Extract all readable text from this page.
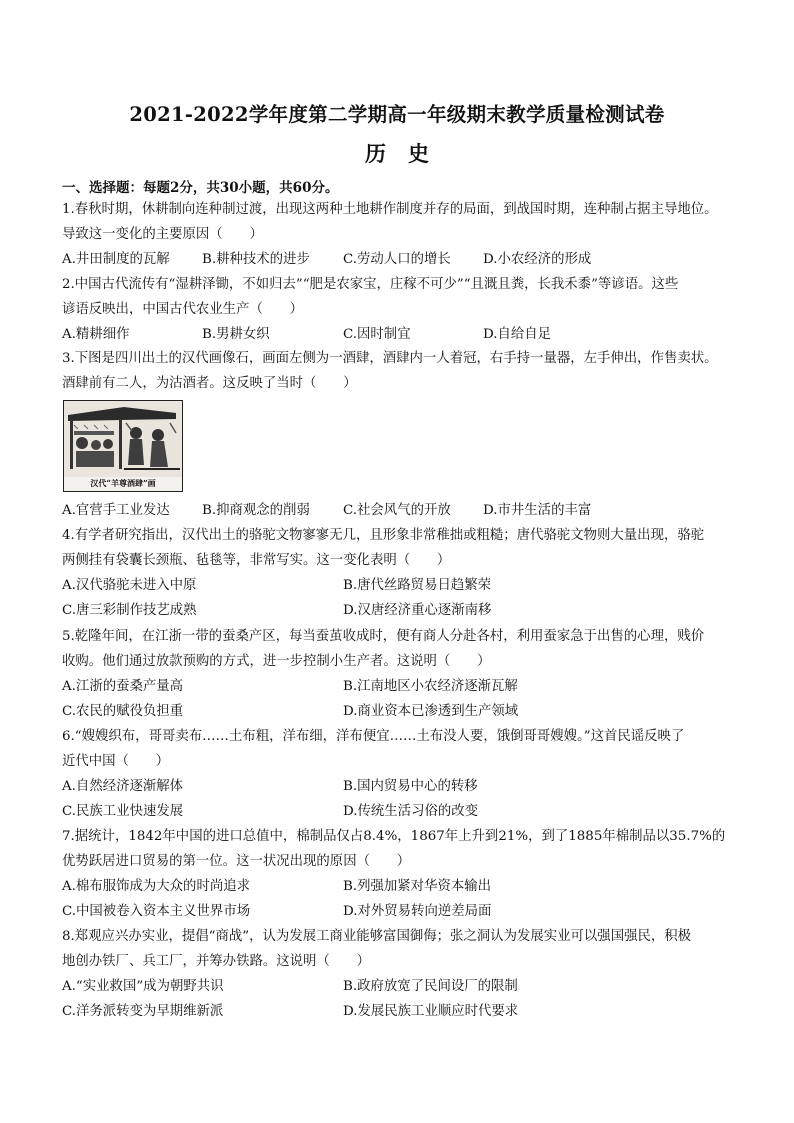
2021-2022学年度第二学期高一年级期末教学质量检测试卷
历史
一、选择题：每题2分，共30小题，共60分。
1.春秋时期，休耕制向连种制过渡，出现这两种土地耕作制度并存的局面，到战国时期，连种制占据主导地位。
导致这一变化的主要原因（　　）
A.井田制度的瓦解 B.耕种技术的进步 C.劳动人口的增长 D.小农经济的形成
2.中国古代流传有“湿耕泽锄，不如归去”“肥是农家宝，庄稼不可少”“且溉且粪，长我禾黍”等谚语。这些
谚语反映出，中国古代农业生产（　　）
A.精耕细作	B.男耕女织	C.因时制宜	D.自给自足
3.下图是四川出土的汉代画像石，画面左侧为一酒肆，酒肆内一人着冠，右手持一量器，左手伸出，作售卖状。
酒肆前有二人，为沽酒者。这反映了当时（　　）
汉代“羊尊酒肆”画
A.官营手工业发达 B.抑商观念的削弱 C.社会风气的开放 D.市井生活的丰富
4.有学者研究指出，汉代出土的骆驼文物寥寥无几，且形象非常稚拙或粗糙；唐代骆驼文物则大量出现，骆驼
两侧挂有袋囊长颈瓶、毡毯等，非常写实。这一变化表明（　　）
A.汉代骆驼未进入中原	B.唐代丝路贸易日趋繁荣
C.唐三彩制作技艺成熟	D.汉唐经济重心逐渐南移
5.乾隆年间，在江浙一带的蚕桑产区，每当蚕茧收成时，便有商人分赴各村，利用蚕家急于出售的心理，贱价
收购。他们通过放款预购的方式，进一步控制小生产者。这说明（　　）
A.江浙的蚕桑产量高	B.江南地区小农经济逐渐瓦解
C.农民的赋役负担重	D.商业资本已渗透到生产领域
6.“嫂嫂织布，哥哥卖布……土布粗，洋布细，洋布便宜……土布没人要，饿倒哥哥嫂嫂。”这首民谣反映了
近代中国（　　）
A.自然经济逐渐解体	B.国内贸易中心的转移
C.民族工业快速发展	D.传统生活习俗的改变
7.据统计，1842年中国的进口总值中，棉制品仅占8.4%，1867年上升到21%，到了1885年棉制品以35.7%的
优势跃居进口贸易的第一位。这一状况出现的原因（　　）
A.棉布服饰成为大众的时尚追求	B.列强加紧对华资本输出
C.中国被卷入资本主义世界市场	D.对外贸易转向逆差局面
8.郑观应兴办实业，提倡“商战”，认为发展工商业能够富国御侮；张之洞认为发展实业可以强国强民，积极
地创办铁厂、兵工厂，并筹办铁路。这说明（　　）
A.“实业救国”成为朝野共识	B.政府放宽了民间设厂的限制
C.洋务派转变为早期维新派	D.发展民族工业顺应时代要求
